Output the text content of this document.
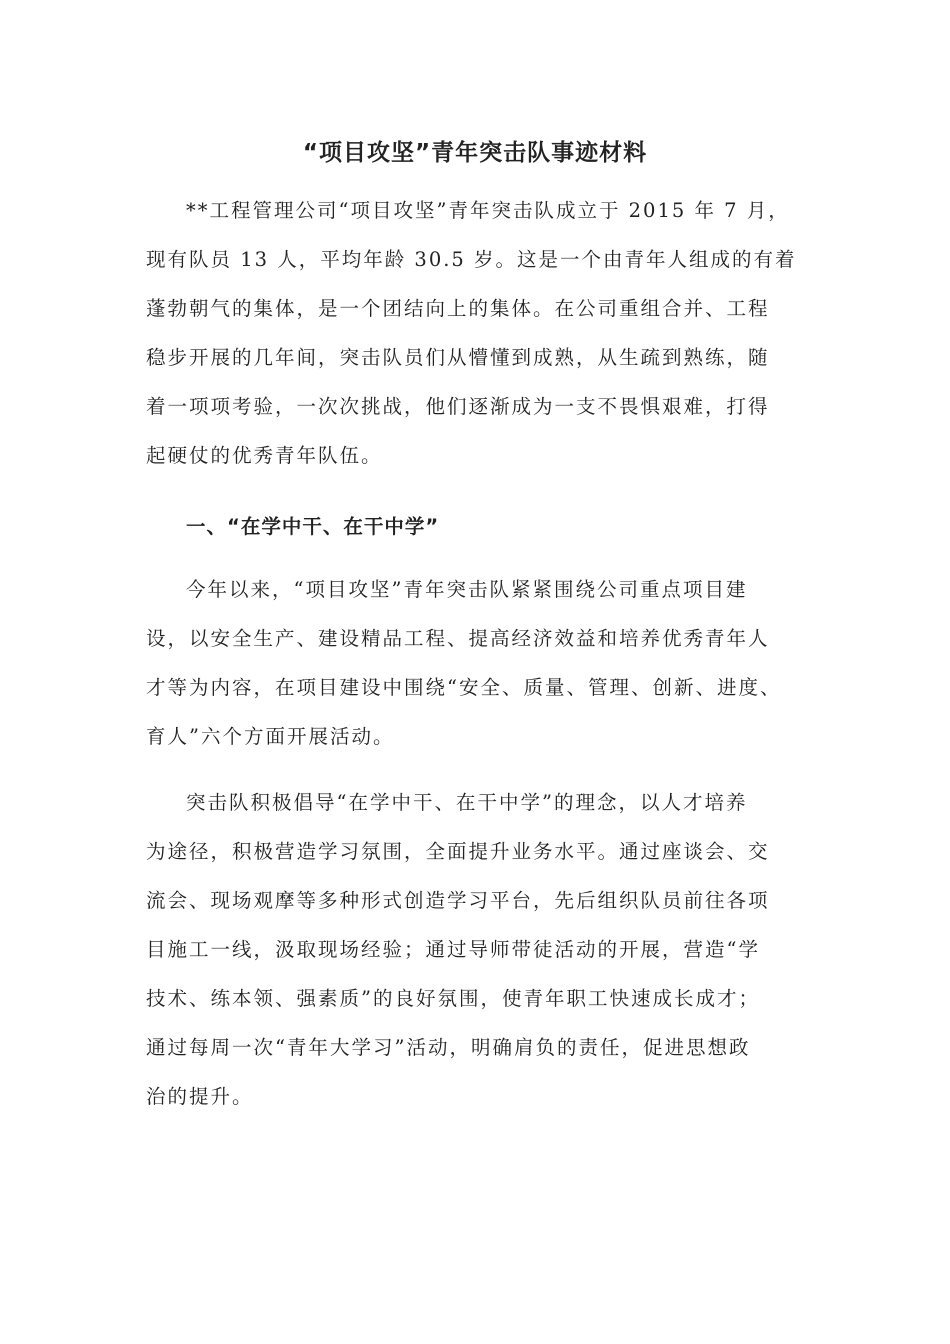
“项目攻坚”青年突击队事迹材料
**工程管理公司“项目攻坚”青年突击队成立于 2015 年 7 月，
现有队员 13 人，平均年龄 30.5 岁。这是一个由青年人组成的有着
蓬勃朝气的集体，是一个团结向上的集体。在公司重组合并、工程
稳步开展的几年间，突击队员们从懵懂到成熟，从生疏到熟练，随
着一项项考验，一次次挑战，他们逐渐成为一支不畏惧艰难，打得
起硬仗的优秀青年队伍。
一、“在学中干、在干中学”
今年以来，“项目攻坚”青年突击队紧紧围绕公司重点项目建
设，以安全生产、建设精品工程、提高经济效益和培养优秀青年人
才等为内容，在项目建设中围绕“安全、质量、管理、创新、进度、
育人”六个方面开展活动。
突击队积极倡导“在学中干、在干中学”的理念，以人才培养
为途径，积极营造学习氛围，全面提升业务水平。通过座谈会、交
流会、现场观摩等多种形式创造学习平台，先后组织队员前往各项
目施工一线，汲取现场经验；通过导师带徒活动的开展，营造“学
技术、练本领、强素质”的良好氛围，使青年职工快速成长成才；
通过每周一次“青年大学习”活动，明确肩负的责任，促进思想政
治的提升。
